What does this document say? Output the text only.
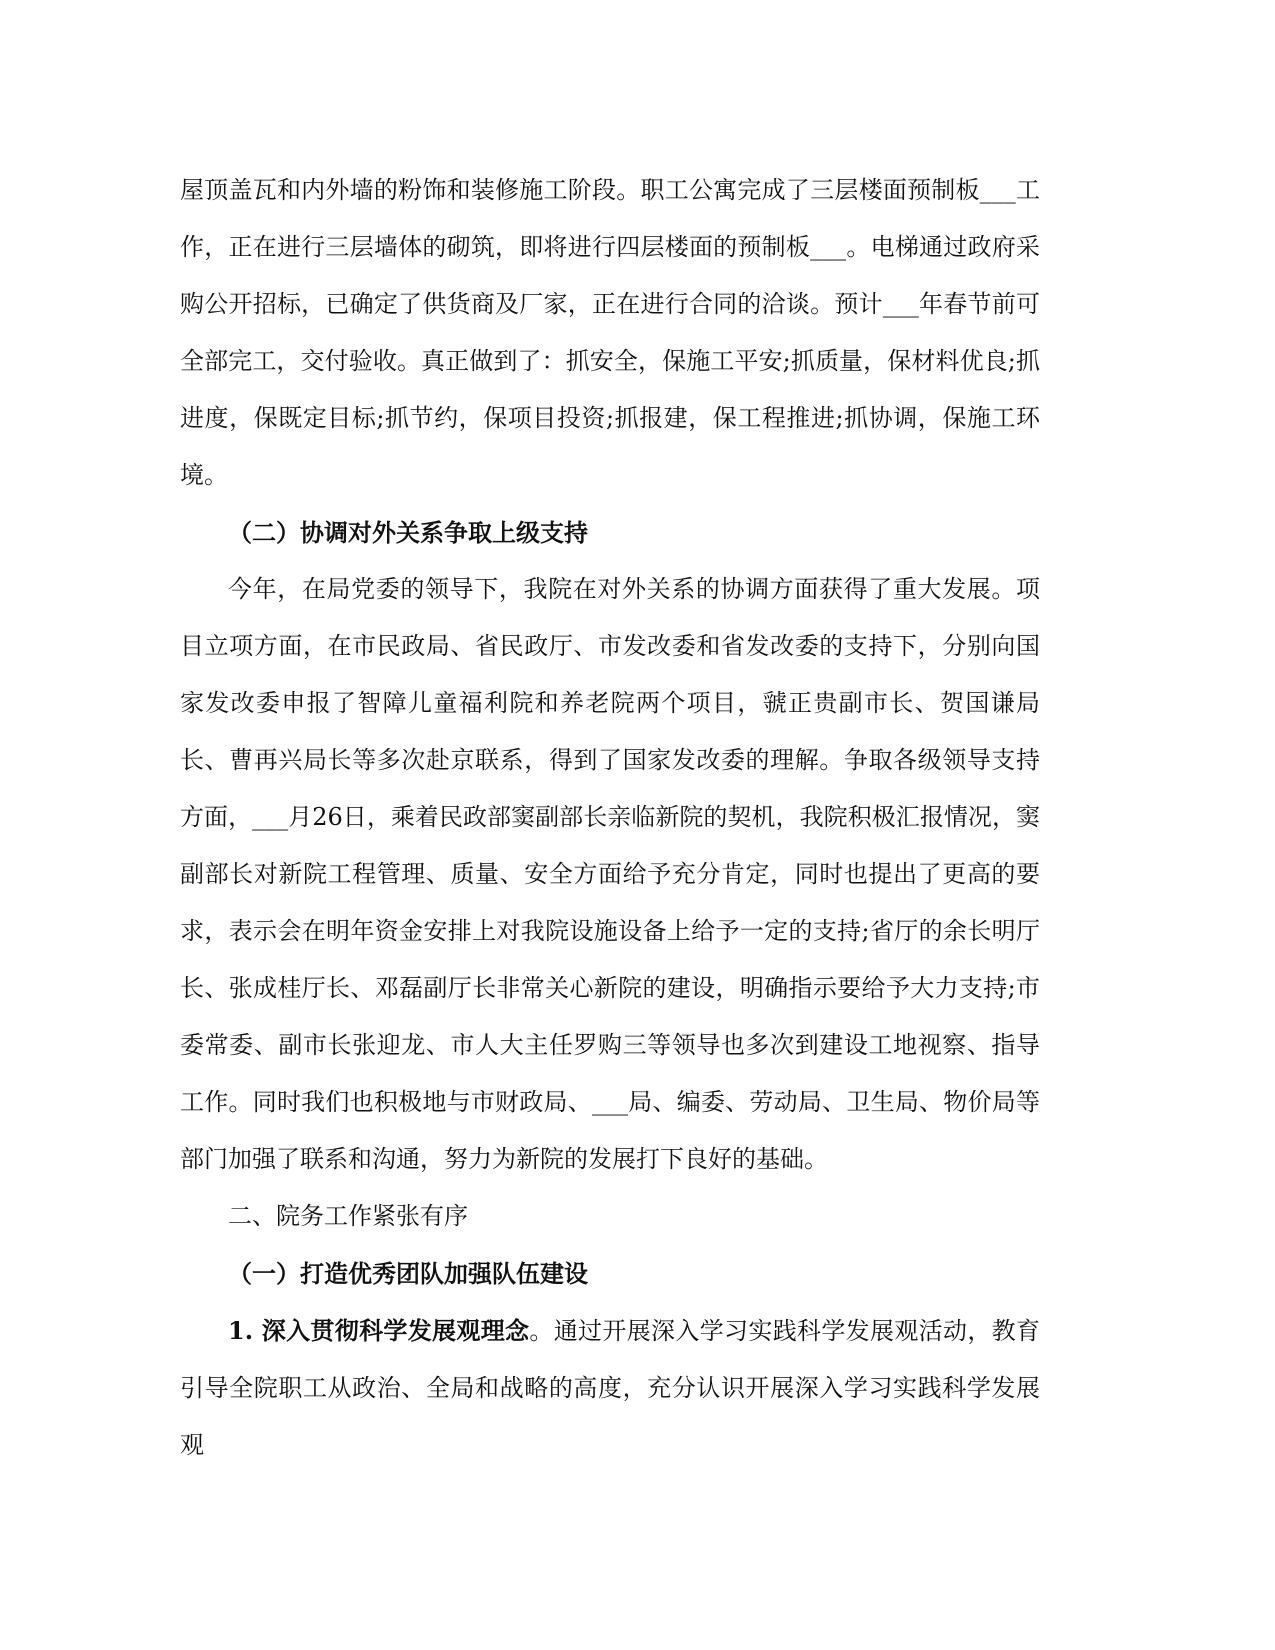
屋顶盖瓦和内外墙的粉饰和装修施工阶段。职工公寓完成了三层楼面预制板___工作，正在进行三层墙体的砌筑，即将进行四层楼面的预制板___。电梯通过政府采购公开招标，已确定了供货商及厂家，正在进行合同的洽谈。预计___年春节前可全部完工，交付验收。真正做到了：抓安全，保施工平安;抓质量，保材料优良;抓进度，保既定目标;抓节约，保项目投资;抓报建，保工程推进;抓协调，保施工环境。

（二）协调对外关系争取上级支持

今年，在局党委的领导下，我院在对外关系的协调方面获得了重大发展。项目立项方面，在市民政局、省民政厅、市发改委和省发改委的支持下，分别向国家发改委申报了智障儿童福利院和养老院两个项目，虢正贵副市长、贺国谦局长、曹再兴局长等多次赴京联系，得到了国家发改委的理解。争取各级领导支持方面，___月26日，乘着民政部窦副部长亲临新院的契机，我院积极汇报情况，窦副部长对新院工程管理、质量、安全方面给予充分肯定，同时也提出了更高的要求，表示会在明年资金安排上对我院设施设备上给予一定的支持;省厅的余长明厅长、张成桂厅长、邓磊副厅长非常关心新院的建设，明确指示要给予大力支持;市委常委、副市长张迎龙、市人大主任罗购三等领导也多次到建设工地视察、指导工作。同时我们也积极地与市财政局、___局、编委、劳动局、卫生局、物价局等部门加强了联系和沟通，努力为新院的发展打下良好的基础。

二、院务工作紧张有序

（一）打造优秀团队加强队伍建设

1. 深入贯彻科学发展观理念。通过开展深入学习实践科学发展观活动，教育引导全院职工从政治、全局和战略的高度，充分认识开展深入学习实践科学发展观
